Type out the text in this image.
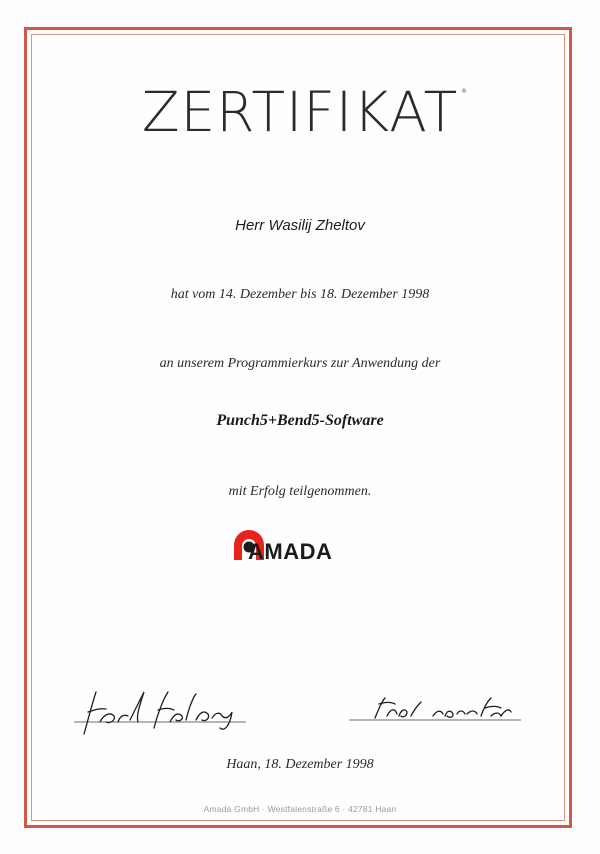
ZERTIFIKAT ®
Herr Wasilij Zheltov
hat vom 14. Dezember bis 18. Dezember 1998
an unserem Programmierkurs zur Anwendung der
Punch5+Bend5-Software
mit Erfolg teilgenommen.
AMADA
Haan, 18. Dezember 1998
Amada GmbH · Westfalenstraße 6 · 42781 Haan
